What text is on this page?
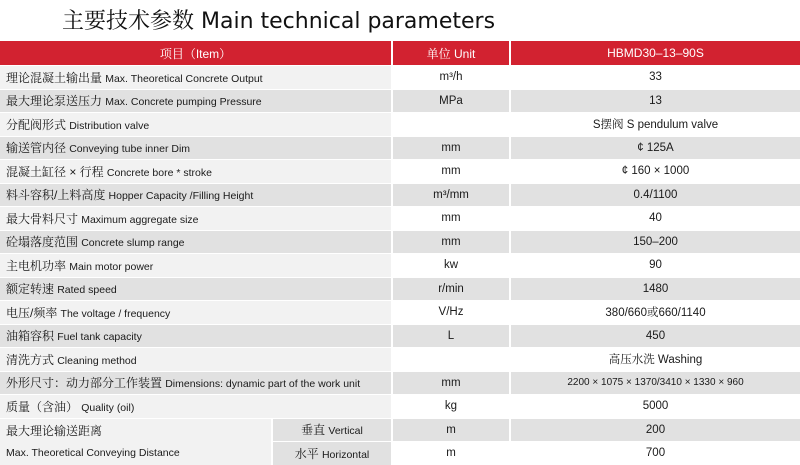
主要技术参数 Main technical parameters
项目（Item）		单位 Unit	HBMD30–13–90S
理论混凝土输出量 Max. Theoretical Concrete Output		m³/h	33
最大理论泵送压力 Max. Concrete pumping Pressure		MPa	13
分配阀形式 Distribution valve			S摆阀 S pendulum valve
输送管内径 Conveying tube inner Dim		mm	¢ 125A
混凝土缸径 × 行程 Concrete bore * stroke		mm	¢ 160 × 1000
料斗容积/上料高度 Hopper Capacity /Filling Height		m³/mm	0.4/1100
最大骨料尺寸 Maximum aggregate size		mm	40
砼塌落度范围 Concrete slump range		mm	150–200
主电机功率 Main motor power		kw	90
额定转速 Rated speed		r/min	1480
电压/频率 The voltage / frequency		V/Hz	380/660或660/1140
油箱容积 Fuel tank capacity		L	450
清洗方式 Cleaning method			高压水洗 Washing
外形尺寸：动力部分工作装置 Dimensions: dynamic part of the work unit		mm	2200 × 1075 × 1370/3410 × 1330 × 960
质量（含油） Quality (oil)		kg	5000

最大理论输送距离
Max. Theoretical Conveying Distance	垂直 Vertical	m	200
	水平 Horizontal	m	700
